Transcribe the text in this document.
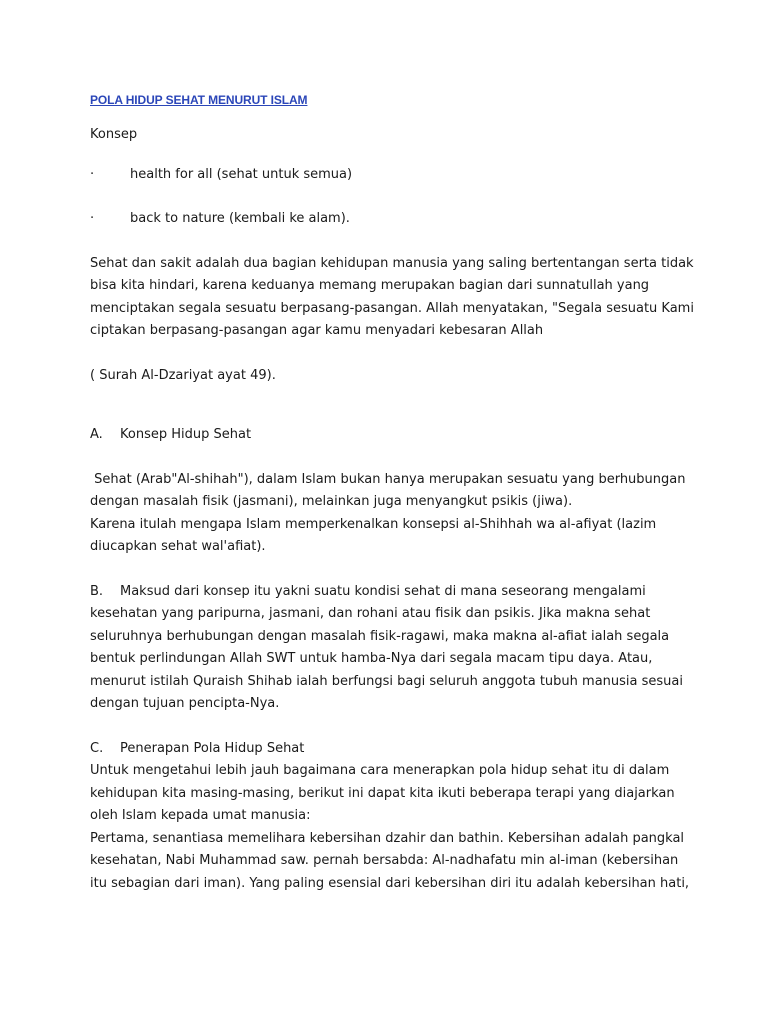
POLA HIDUP SEHAT MENURUT ISLAM

Konsep

·	health for all (sehat untuk semua)
·	back to nature (kembali ke alam).

Sehat dan sakit adalah dua bagian kehidupan manusia yang saling bertentangan serta tidak

bisa kita hindari, karena keduanya memang merupakan bagian dari sunnatullah yang

menciptakan segala sesuatu berpasang-pasangan. Allah menyatakan, "Segala sesuatu Kami

ciptakan berpasang-pasangan agar kamu menyadari kebesaran Allah

( Surah Al-Dzariyat ayat 49).

A.	Konsep Hidup Sehat

Sehat (Arab"Al-shihah"), dalam Islam bukan hanya merupakan sesuatu yang berhubungan

dengan masalah fisik (jasmani), melainkan juga menyangkut psikis (jiwa).

Karena itulah mengapa Islam memperkenalkan konsepsi al-Shihhah wa al-afiyat (lazim

diucapkan sehat wal'afiat).

B.	Maksud dari konsep itu yakni suatu kondisi sehat di mana seseorang mengalami

kesehatan yang paripurna, jasmani, dan rohani atau fisik dan psikis. Jika makna sehat

seluruhnya berhubungan dengan masalah fisik-ragawi, maka makna al-afiat ialah segala

bentuk perlindungan Allah SWT untuk hamba-Nya dari segala macam tipu daya. Atau,

menurut istilah Quraish Shihab ialah berfungsi bagi seluruh anggota tubuh manusia sesuai

dengan tujuan pencipta-Nya.

C.	Penerapan Pola Hidup Sehat

Untuk mengetahui lebih jauh bagaimana cara menerapkan pola hidup sehat itu di dalam

kehidupan kita masing-masing, berikut ini dapat kita ikuti beberapa terapi yang diajarkan

oleh Islam kepada umat manusia:

Pertama, senantiasa memelihara kebersihan dzahir dan bathin. Kebersihan adalah pangkal

kesehatan, Nabi Muhammad saw. pernah bersabda: Al-nadhafatu min al-iman (kebersihan

itu sebagian dari iman). Yang paling esensial dari kebersihan diri itu adalah kebersihan hati,
